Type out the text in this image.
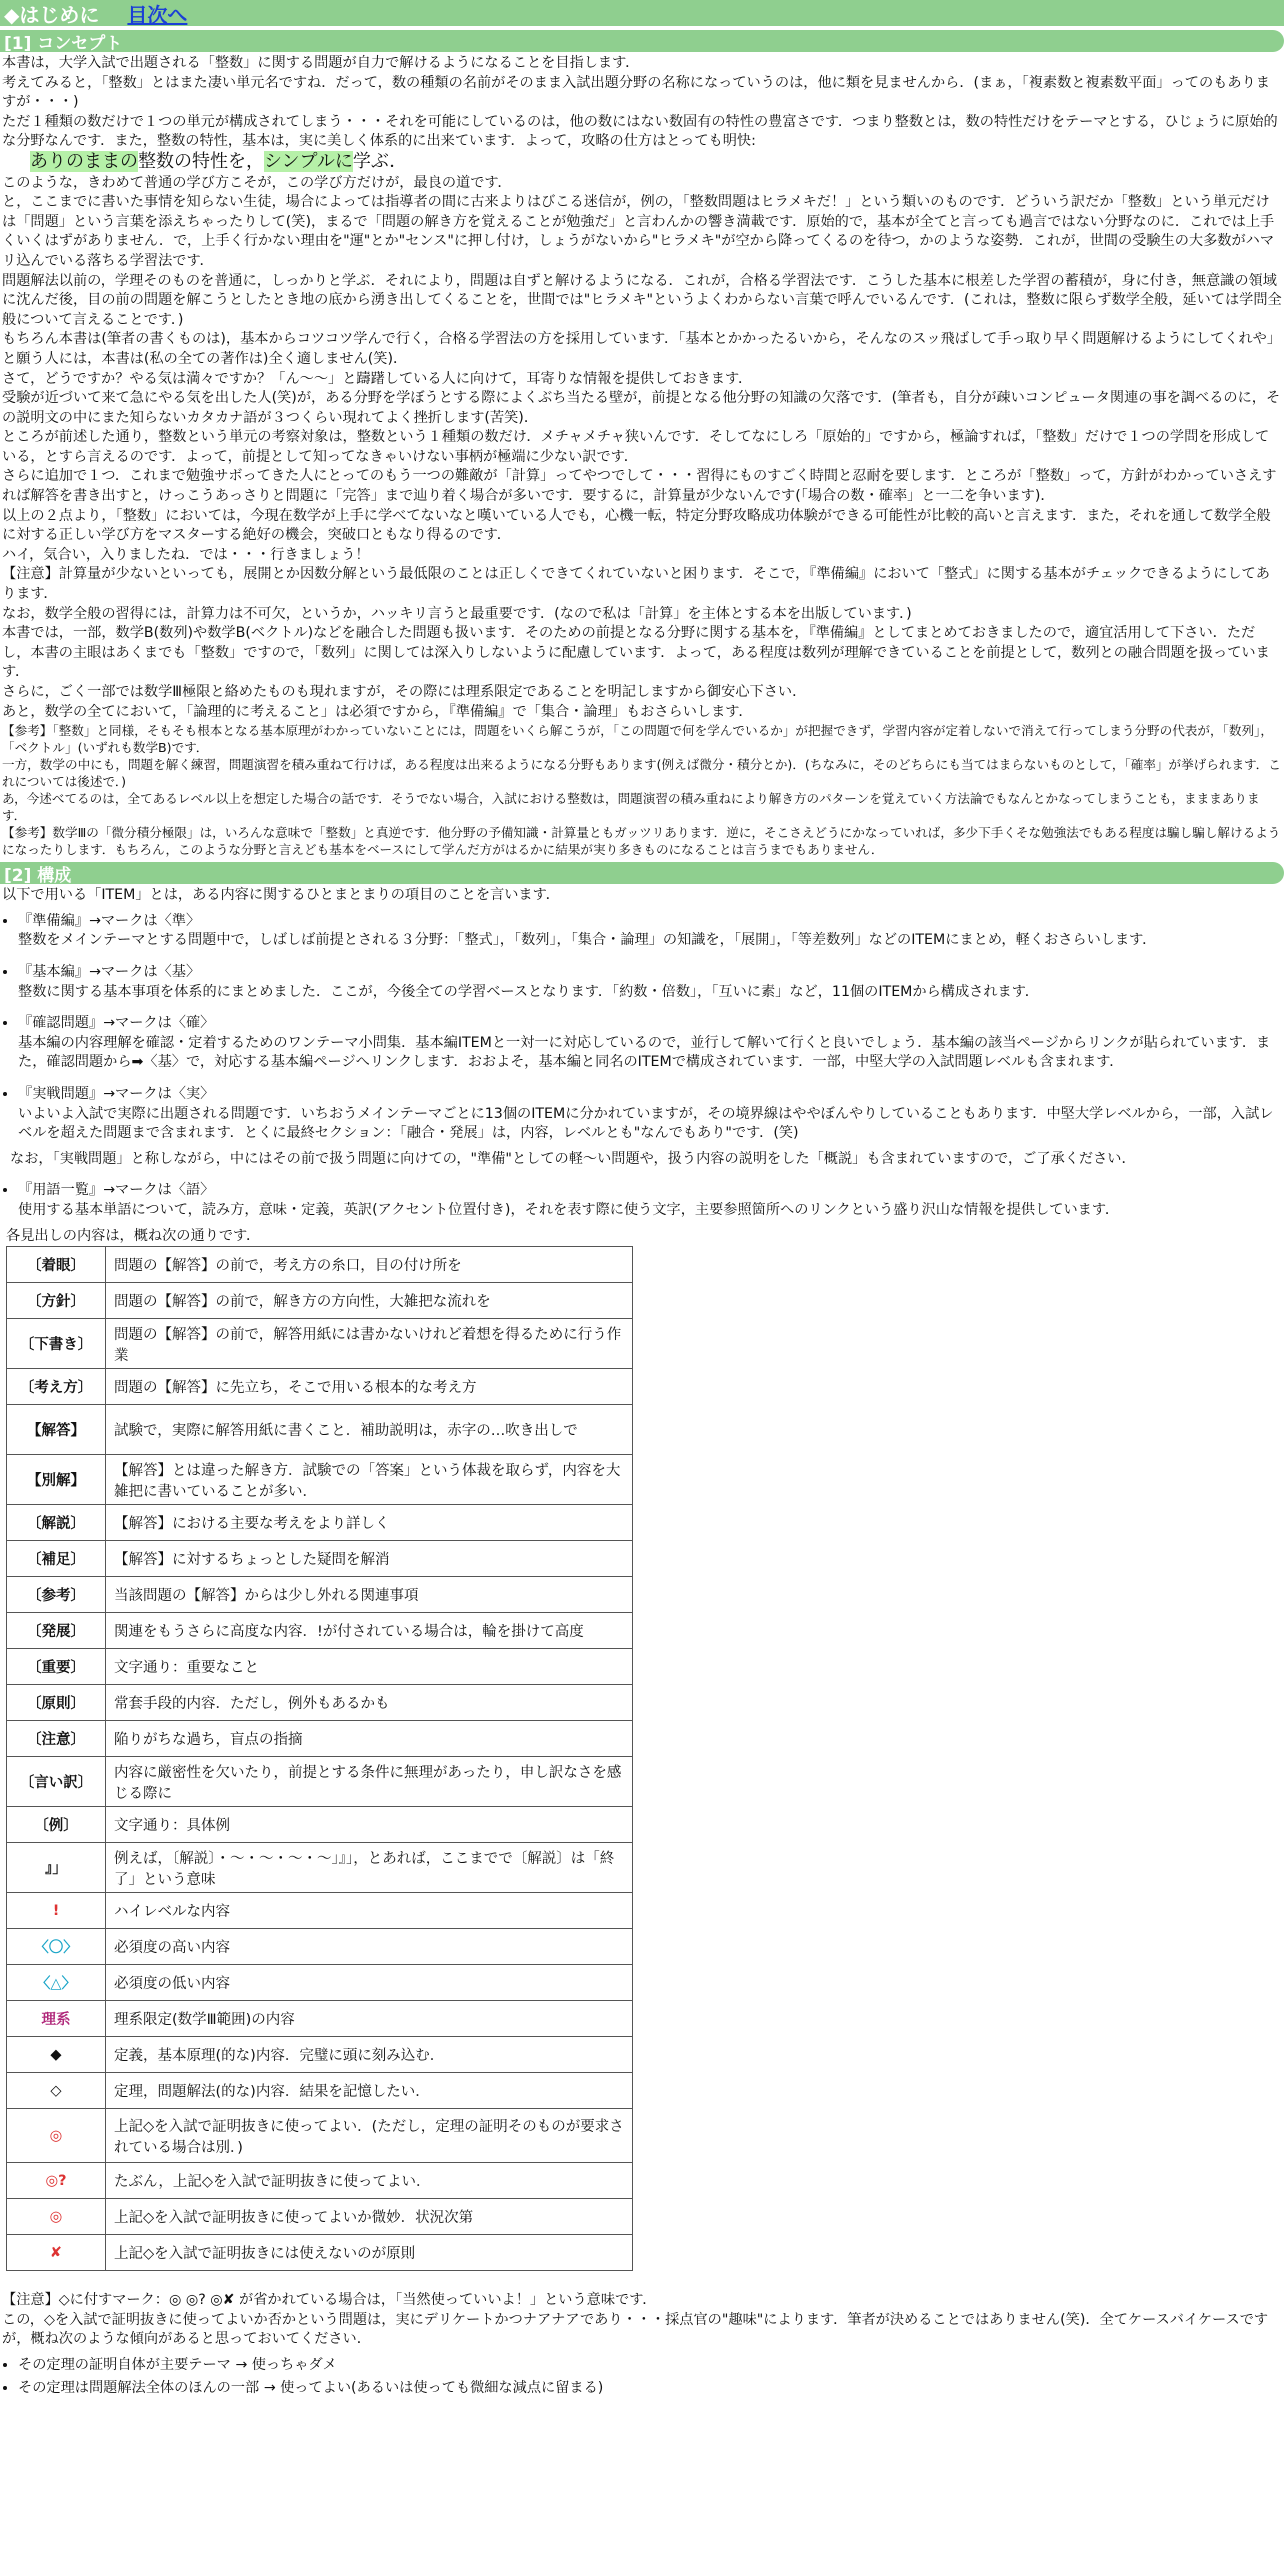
◆はじめに 目次へ
[1] コンセプト
本書は，大学入試で出題される「整数」に関する問題が自力で解けるようになることを目指します．
考えてみると，「整数」とはまた凄い単元名ですね．だって，数の種類の名前がそのまま入試出題分野の名称になっていうのは，他に類を見ませんから．(まぁ，「複素数と複素数平面」ってのもありますが・・・)
ただ１種類の数だけで１つの単元が構成されてしまう・・・それを可能にしているのは，他の数にはない数固有の特性の豊富さです．つまり整数とは，数の特性だけをテーマとする，ひじょうに原始的な分野なんです．また，整数の特性，基本は，実に美しく体系的に出来ています．よって，攻略の仕方はとっても明快:
ありのままの整数の特性を，シンプルに学ぶ．
このような，きわめて普通の学び方こそが，この学び方だけが，最良の道です．
と，ここまでに書いた事情を知らない生徒，場合によっては指導者の間に古来よりはびこる迷信が，例の，「整数問題はヒラメキだ！」という類いのものです．どういう訳だか「整数」という単元だけは「問題」という言葉を添えちゃったりして(笑)，まるで「問題の解き方を覚えることが勉強だ」と言わんかの響き満載です．原始的で，基本が全てと言っても過言ではない分野なのに．これでは上手くいくはずがありません．で，上手く行かない理由を"運"とか"センス"に押し付け，しょうがないから"ヒラメキ"が空から降ってくるのを待つ，かのような姿勢．これが，世間の受験生の大多数がハマリ込んでいる落ちる学習法です．
問題解法以前の，学理そのものを普通に，しっかりと学ぶ．それにより，問題は自ずと解けるようになる．これが，合格る学習法です．こうした基本に根差した学習の蓄積が，身に付き，無意識の領域に沈んだ後，目の前の問題を解こうとしたとき地の底から湧き出してくることを，世間では"ヒラメキ"というよくわからない言葉で呼んでいるんです．(これは，整数に限らず数学全般，延いては学問全般について言えることです．)
もちろん本書は(筆者の書くものは)，基本からコツコツ学んで行く，合格る学習法の方を採用しています．「基本とかかったるいから，そんなのスッ飛ばして手っ取り早く問題解けるようにしてくれや」と願う人には，本書は(私の全ての著作は)全く適しません(笑)．
さて，どうですか？やる気は満々ですか？「ん～～」と躊躇している人に向けて，耳寄りな情報を提供しておきます．
受験が近づいて来て急にやる気を出した人(笑)が，ある分野を学ぼうとする際によくぶち当たる壁が，前提となる他分野の知識の欠落です．(筆者も，自分が疎いコンピュータ関連の事を調べるのに，その説明文の中にまた知らないカタカナ語が３つくらい現れてよく挫折します(苦笑)．
ところが前述した通り，整数という単元の考察対象は，整数という１種類の数だけ．メチャメチャ狭いんです．そしてなにしろ「原始的」ですから，極論すれば，「整数」だけで１つの学問を形成している，とすら言えるのです．よって，前提として知ってなきゃいけない事柄が極端に少ない訳です．
さらに追加で１つ．これまで勉強サボってきた人にとってのもう一つの難敵が「計算」ってやつでして・・・習得にものすごく時間と忍耐を要します．ところが「整数」って，方針がわかっていさえすれば解答を書き出すと，けっこうあっさりと問題に「完答」まで辿り着く場合が多いです．要するに，計算量が少ないんです(「場合の数・確率」と一二を争います)．
以上の２点より，「整数」においては，今現在数学が上手に学べてないなと嘆いている人でも，心機一転，特定分野攻略成功体験ができる可能性が比較的高いと言えます．また，それを通して数学全般に対する正しい学び方をマスターする絶好の機会，突破口ともなり得るのです．
ハイ，気合い，入りましたね．では・・・行きましょう！
【注意】計算量が少ないといっても，展開とか因数分解という最低限のことは正しくできてくれていないと困ります．そこで，『準備編』において「整式」に関する基本がチェックできるようにしてあります．
なお，数学全般の習得には，計算力は不可欠，というか，ハッキリ言うと最重要です．(なので私は「計算」を主体とする本を出版しています．)
本書では，一部，数学B(数列)や数学B(ベクトル)などを融合した問題も扱います．そのための前提となる分野に関する基本を，『準備編』としてまとめておきましたので，適宜活用して下さい．ただし，本書の主眼はあくまでも「整数」ですので，「数列」に関しては深入りしないように配慮しています．よって，ある程度は数列が理解できていることを前提として，数列との融合問題を扱っています．
さらに，ごく一部では数学Ⅲ極限と絡めたものも現れますが，その際には理系限定であることを明記しますから御安心下さい．
あと，数学の全てにおいて，「論理的に考えること」は必須ですから，『準備編』で「集合・論理」もおさらいします．
【参考】「整数」と同様，そもそも根本となる基本原理がわかっていないことには，問題をいくら解こうが，「この問題で何を学んでいるか」が把握できず，学習内容が定着しないで消えて行ってしまう分野の代表が，「数列」，「ベクトル」(いずれも数学B)です．
一方，数学の中にも，問題を解く練習，問題演習を積み重ねて行けば，ある程度は出来るようになる分野もあります(例えば微分・積分とか)．(ちなみに，そのどちらにも当てはまらないものとして，「確率」が挙げられます．これについては後述で．)
あ，今述べてるのは，全てあるレベル以上を想定した場合の話です．そうでない場合，入試における整数は，問題演習の積み重ねにより解き方のパターンを覚えていく方法論でもなんとかなってしまうことも，まままあります．
【参考】数学Ⅲの「微分積分極限」は，いろんな意味で「整数」と真逆です．他分野の予備知識・計算量ともガッツリあります．逆に，そこさえどうにかなっていれば，多少下手くそな勉強法でもある程度は騙し騙し解けるようになったりします．もちろん，このような分野と言えども基本をベースにして学んだ方がはるかに結果が実り多きものになることは言うまでもありません．
[2] 構成
以下で用いる「ITEM」とは，ある内容に関するひとまとまりの項目のことを言います．
• 『準備編』→マークは〈準〉
整数をメインテーマとする問題中で，しばしば前提とされる３分野：「整式」，「数列」，「集合・論理」の知識を，「展開」，「等差数列」などのITEMにまとめ，軽くおさらいします．
• 『基本編』→マークは〈基〉
整数に関する基本事項を体系的にまとめました．ここが，今後全ての学習ベースとなります．「約数・倍数」，「互いに素」など，11個のITEMから構成されます．
• 『確認問題』→マークは〈確〉
基本編の内容理解を確認・定着するためのワンテーマ小問集．基本編ITEMと一対一に対応しているので，並行して解いて行くと良いでしょう．基本編の該当ページからリンクが貼られています．また，確認問題から➡〈基〉で，対応する基本編ページへリンクします．おおよそ，基本編と同名のITEMで構成されています．一部，中堅大学の入試問題レベルも含まれます．
• 『実戦問題』→マークは〈実〉
いよいよ入試で実際に出題される問題です．いちおうメインテーマごとに13個のITEMに分かれていますが，その境界線はややぼんやりしていることもあります．中堅大学レベルから，一部，入試レベルを超えた問題まで含まれます．とくに最終セクション：「融合・発展」は，内容，レベルとも"なんでもあり"です．(笑)
なお，「実戦問題」と称しながら，中にはその前で扱う問題に向けての，"準備"としての軽～い問題や，扱う内容の説明をした「概説」も含まれていますので，ご了承ください．
• 『用語一覧』→マークは〈語〉
使用する基本単語について，読み方，意味・定義，英訳(アクセント位置付き)，それを表す際に使う文字，主要参照箇所へのリンクという盛り沢山な情報を提供しています．
各見出しの内容は，概ね次の通りです．
〔着眼〕	問題の【解答】の前で，考え方の糸口，目の付け所を
〔方針〕	問題の【解答】の前で，解き方の方向性，大雑把な流れを
〔下書き〕	問題の【解答】の前で，解答用紙には書かないけれど着想を得るために行う作業
〔考え方〕	問題の【解答】に先立ち，そこで用いる根本的な考え方
【解答】	試験で，実際に解答用紙に書くこと．補助説明は，赤字の…吹き出しで
【別解】	【解答】とは違った解き方．試験での「答案」という体裁を取らず，内容を大雑把に書いていることが多い．
〔解説〕	【解答】における主要な考えをより詳しく
〔補足〕	【解答】に対するちょっとした疑問を解消
〔参考〕	当該問題の【解答】からは少し外れる関連事項
〔発展〕	関連をもうさらに高度な内容．!が付されている場合は，輪を掛けて高度
〔重要〕	文字通り：重要なこと
〔原則〕	常套手段的内容．ただし，例外もあるかも
〔注意〕	陥りがちな過ち，盲点の指摘
〔言い訳〕	内容に厳密性を欠いたり，前提とする条件に無理があったり，申し訳なさを感じる際に
〔例〕	文字通り：具体例
』」	例えば，〔解説〕・～・～・～・～」』」，とあれば，ここまでで〔解説〕は「終了」という意味
!	ハイレベルな内容
〈〇〉	必須度の高い内容
〈△〉	必須度の低い内容
理系	理系限定(数学Ⅲ範囲)の内容
◆	定義，基本原理(的な)内容．完璧に頭に刻み込む．
◇	定理，問題解法(的な)内容．結果を記憶したい．
◎	上記◇を入試で証明抜きに使ってよい．(ただし，定理の証明そのものが要求されている場合は別．)
◎?	たぶん，上記◇を入試で証明抜きに使ってよい．
◎	上記◇を入試で証明抜きに使ってよいか微妙．状況次第
✘	上記◇を入試で証明抜きには使えないのが原則
【注意】◇に付すマーク：◎ ◎? ◎✘ が省かれている場合は，「当然使っていいよ！」という意味です．
この，◇を入試で証明抜きに使ってよいか否かという問題は，実にデリケートかつナアナアであり・・・採点官の"趣味"によります．筆者が決めることではありません(笑)．全てケースバイケースですが，概ね次のような傾向があると思っておいてください．
• その定理の証明自体が主要テーマ → 使っちゃダメ
• その定理は問題解法全体のほんの一部 → 使ってよい(あるいは使っても微細な減点に留まる)
